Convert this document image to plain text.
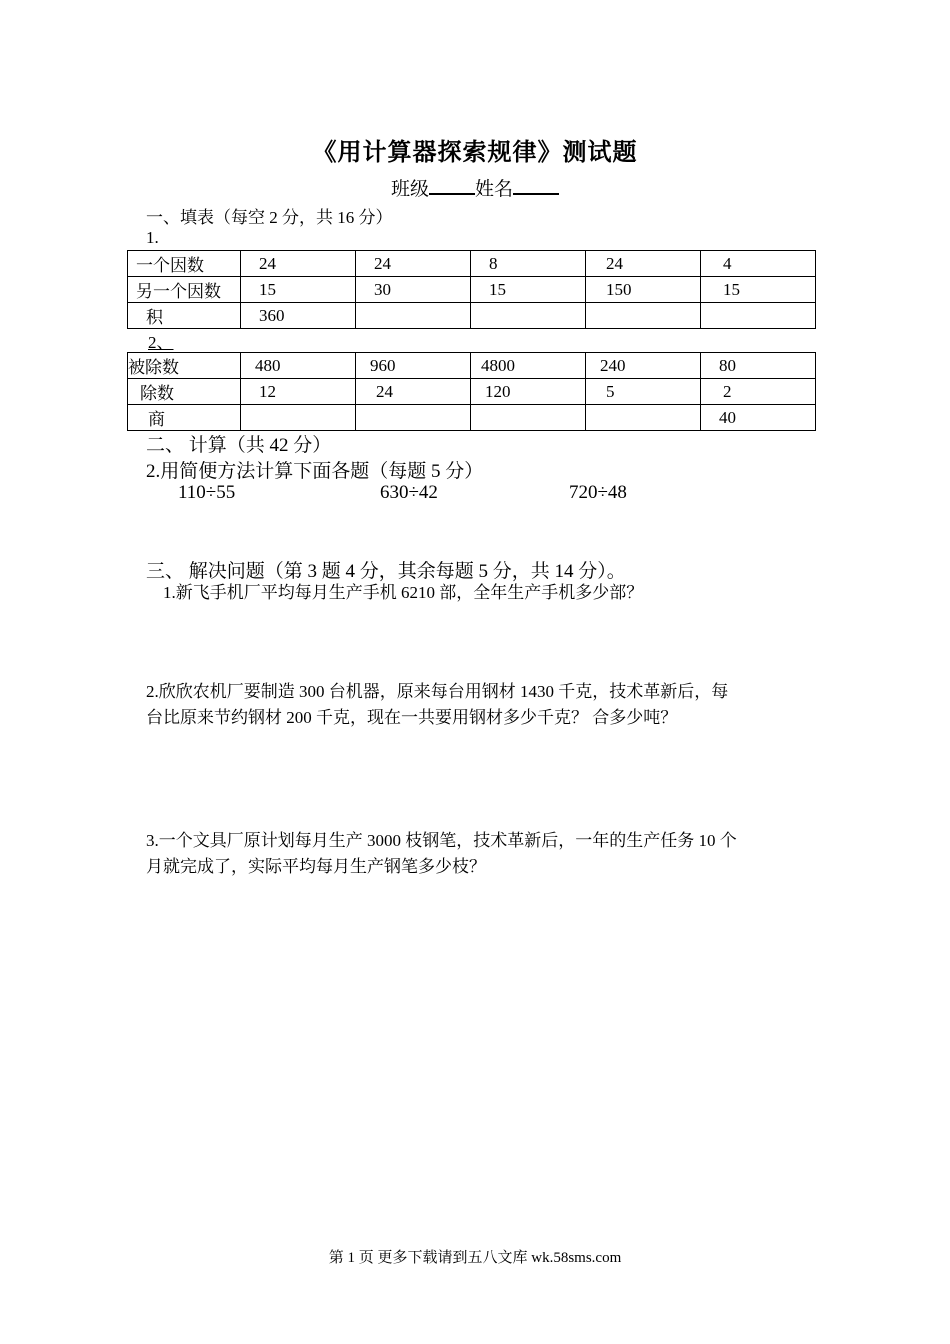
《用计算器探索规律》测试题
班级 姓名
一、填表（每空 2 分，共 16 分）
1.
一个因数	24	24	8	24	4
另一个因数	15	30	15	150	15
积	360				
2、
被除数	480	960	4800	240	80
除数	12	24	120	5	2
商					40
二、 计算（共 42 分）
2.用简便方法计算下面各题（每题 5 分）
110÷55	630÷42	720÷48
三、 解决问题（第 3 题 4 分，其余每题 5 分，共 14 分）。
1.新飞手机厂平均每月生产手机 6210 部，全年生产手机多少部？
2.欣欣农机厂要制造 300 台机器，原来每台用钢材 1430 千克，技术革新后，每
台比原来节约钢材 200 千克，现在一共要用钢材多少千克？ 合多少吨？
3.一个文具厂原计划每月生产 3000 枝钢笔，技术革新后，一年的生产任务 10 个
月就完成了，实际平均每月生产钢笔多少枝？
第 1 页 更多下载请到五八文库 wk.58sms.com
